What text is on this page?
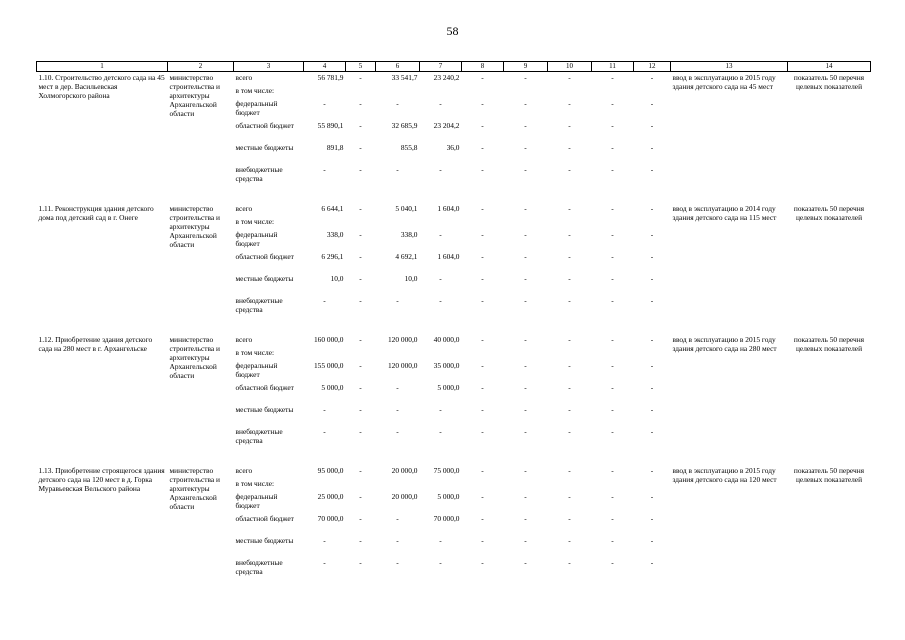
58
1	2	3	4	5	6	7	8	9	10	11	12	13	14
1.10. Строительство детского сада на 45 мест в дер. Васильевская Холмогорского района	министерство строительства и архитектуры Архангельской области	всего	56 781,9	-	33 541,7	23 240,2	-	-	-	-	-	ввод в эксплуатацию в 2015 году здания детского сада на 45 мест	показатель 50 перечня целевых показателей
		в том числе:											
		федеральный бюджет	-	-	-	-	-	-	-	-	-		
		областной бюджет	55 890,1	-	32 685,9	23 204,2	-	-	-	-	-		
		местные бюджеты	891,8	-	855,8	36,0	-	-	-	-	-		
		внебюджетные средства	-	-	-	-	-	-	-	-	-		

1.11. Реконструкция здания детского дома под детский сад в г. Онеге	министерство строительства и архитектуры Архангельской области	всего	6 644,1	-	5 040,1	1 604,0	-	-	-	-	-	ввод в эксплуатацию в 2014 году здания детского сада на 115 мест	показатель 50 перечня целевых показателей
		в том числе:											
		федеральный бюджет	338,0	-	338,0	-	-	-	-	-	-		
		областной бюджет	6 296,1	-	4 692,1	1 604,0	-	-	-	-	-		
		местные бюджеты	10,0	-	10,0	-	-	-	-	-	-		
		внебюджетные средства	-	-	-	-	-	-	-	-	-		

1.12. Приобретение здания детского сада на 280 мест в г. Архангельске	министерство строительства и архитектуры Архангельской области	всего	160 000,0	-	120 000,0	40 000,0	-	-	-	-	-	ввод в эксплуатацию в 2015 году здания детского сада на 280 мест	показатель 50 перечня целевых показателей
		в том числе:											
		федеральный бюджет	155 000,0	-	120 000,0	35 000,0	-	-	-	-	-		
		областной бюджет	5 000,0	-	-	5 000,0	-	-	-	-	-		
		местные бюджеты	-	-	-	-	-	-	-	-	-		
		внебюджетные средства	-	-	-	-	-	-	-	-	-		

1.13. Приобретение строящегося здания детского сада на 120 мест в д. Горка Муравьевская Вельского района	министерство строительства и архитектуры Архангельской области	всего	95 000,0	-	20 000,0	75 000,0	-	-	-	-	-	ввод в эксплуатацию в 2015 году здания детского сада на 120 мест	показатель 50 перечня целевых показателей
		в том числе:											
		федеральный бюджет	25 000,0	-	20 000,0	5 000,0	-	-	-	-	-		
		областной бюджет	70 000,0	-	-	70 000,0	-	-	-	-	-		
		местные бюджеты	-	-	-	-	-	-	-	-	-		
		внебюджетные средства	-	-	-	-	-	-	-	-	-		
